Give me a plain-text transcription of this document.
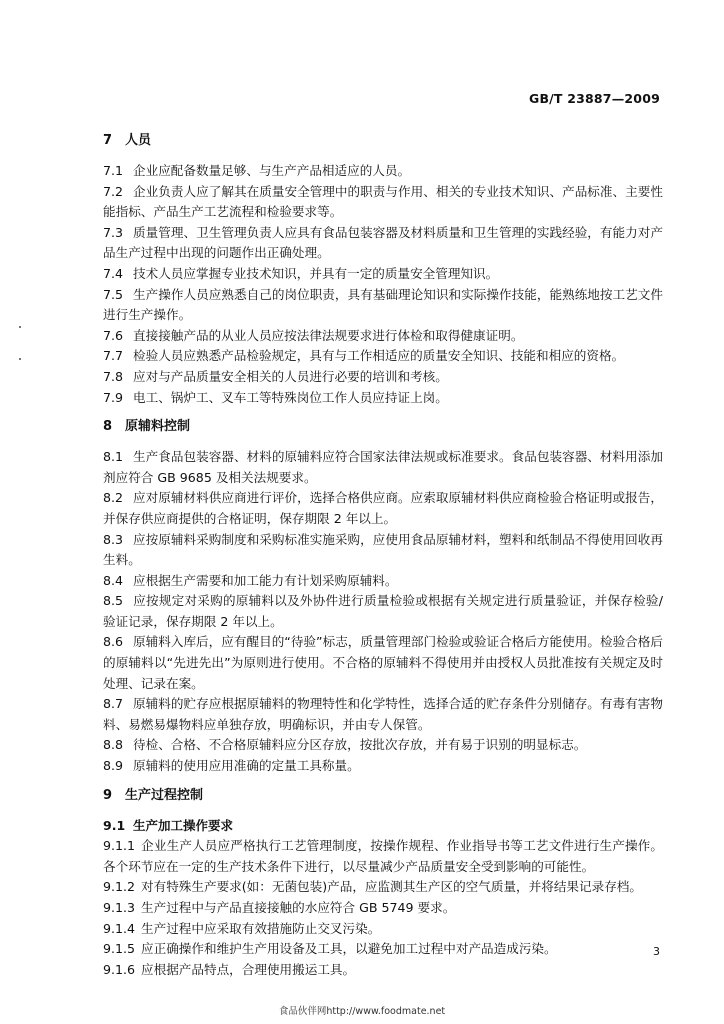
GB/T 23887—2009
7 人员
7.1 企业应配备数量足够、与生产产品相适应的人员。
7.2 企业负责人应了解其在质量安全管理中的职责与作用、相关的专业技术知识、产品标准、主要性能指标、产品生产工艺流程和检验要求等。
7.3 质量管理、卫生管理负责人应具有食品包装容器及材料质量和卫生管理的实践经验，有能力对产品生产过程中出现的问题作出正确处理。
7.4 技术人员应掌握专业技术知识，并具有一定的质量安全管理知识。
7.5 生产操作人员应熟悉自己的岗位职责，具有基础理论知识和实际操作技能，能熟练地按工艺文件进行生产操作。
7.6 直接接触产品的从业人员应按法律法规要求进行体检和取得健康证明。
7.7 检验人员应熟悉产品检验规定，具有与工作相适应的质量安全知识、技能和相应的资格。
7.8 应对与产品质量安全相关的人员进行必要的培训和考核。
7.9 电工、锅炉工、叉车工等特殊岗位工作人员应持证上岗。
8 原辅料控制
8.1 生产食品包装容器、材料的原辅料应符合国家法律法规或标准要求。食品包装容器、材料用添加剂应符合 GB 9685 及相关法规要求。
8.2 应对原辅材料供应商进行评价，选择合格供应商。应索取原辅材料供应商检验合格证明或报告，并保存供应商提供的合格证明，保存期限 2 年以上。
8.3 应按原辅料采购制度和采购标准实施采购，应使用食品原辅材料，塑料和纸制品不得使用回收再生料。
8.4 应根据生产需要和加工能力有计划采购原辅料。
8.5 应按规定对采购的原辅料以及外协件进行质量检验或根据有关规定进行质量验证，并保存检验/验证记录，保存期限 2 年以上。
8.6 原辅料入库后，应有醒目的“待验”标志，质量管理部门检验或验证合格后方能使用。检验合格后的原辅料以“先进先出”为原则进行使用。不合格的原辅料不得使用并由授权人员批准按有关规定及时处理、记录在案。
8.7 原辅料的贮存应根据原辅料的物理特性和化学特性，选择合适的贮存条件分别储存。有毒有害物料、易燃易爆物料应单独存放，明确标识，并由专人保管。
8.8 待检、合格、不合格原辅料应分区存放，按批次存放，并有易于识别的明显标志。
8.9 原辅料的使用应用准确的定量工具称量。
9 生产过程控制
9.1 生产加工操作要求
9.1.1 企业生产人员应严格执行工艺管理制度，按操作规程、作业指导书等工艺文件进行生产操作。各个环节应在一定的生产技术条件下进行，以尽量减少产品质量安全受到影响的可能性。
9.1.2 对有特殊生产要求(如：无菌包装)产品，应监测其生产区的空气质量，并将结果记录存档。
9.1.3 生产过程中与产品直接接触的水应符合 GB 5749 要求。
9.1.4 生产过程中应采取有效措施防止交叉污染。
9.1.5 应正确操作和维护生产用设备及工具，以避免加工过程中对产品造成污染。
9.1.6 应根据产品特点，合理使用搬运工具。
3
食品伙伴网http://www.foodmate.net
